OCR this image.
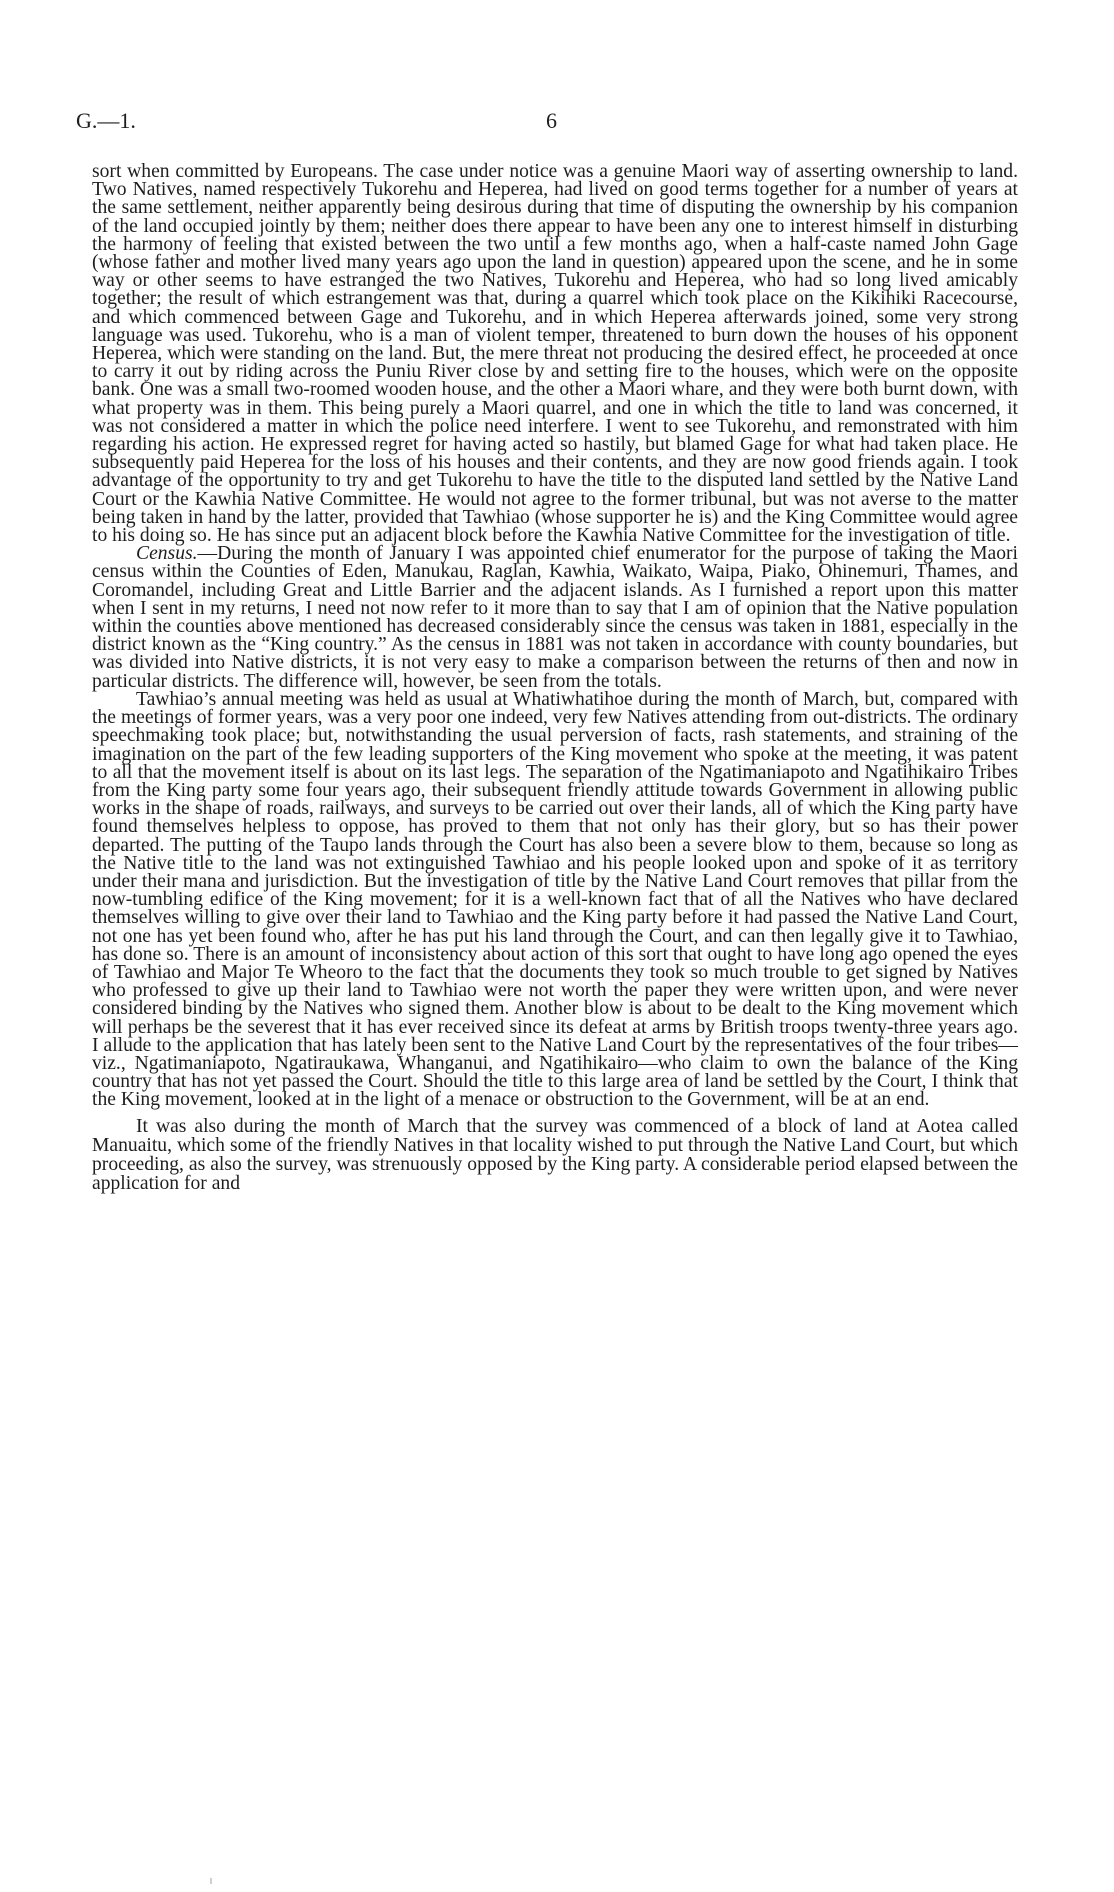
G.—1.	6

sort when committed by Europeans. The case under notice was a genuine Maori way of asserting ownership to land. Two Natives, named respectively Tukorehu and Heperea, had lived on good terms together for a number of years at the same settlement, neither apparently being desirous during that time of disputing the ownership by his companion of the land occupied jointly by them; neither does there appear to have been any one to interest himself in disturbing the harmony of feeling that existed between the two until a few months ago, when a half-caste named John Gage (whose father and mother lived many years ago upon the land in question) appeared upon the scene, and he in some way or other seems to have estranged the two Natives, Tukorehu and Heperea, who had so long lived amicably together; the result of which estrangement was that, during a quarrel which took place on the Kikihiki Racecourse, and which commenced between Gage and Tukorehu, and in which Heperea afterwards joined, some very strong language was used. Tukorehu, who is a man of violent temper, threatened to burn down the houses of his opponent Heperea, which were standing on the land. But, the mere threat not producing the desired effect, he proceeded at once to carry it out by riding across the Puniu River close by and setting fire to the houses, which were on the opposite bank. One was a small two-roomed wooden house, and the other a Maori whare, and they were both burnt down, with what property was in them. This being purely a Maori quarrel, and one in which the title to land was concerned, it was not considered a matter in which the police need interfere. I went to see Tukorehu, and remonstrated with him regarding his action. He expressed regret for having acted so hastily, but blamed Gage for what had taken place. He subsequently paid Heperea for the loss of his houses and their contents, and they are now good friends again. I took advantage of the opportunity to try and get Tukorehu to have the title to the disputed land settled by the Native Land Court or the Kawhia Native Committee. He would not agree to the former tribunal, but was not averse to the matter being taken in hand by the latter, provided that Tawhiao (whose supporter he is) and the King Committee would agree to his doing so. He has since put an adjacent block before the Kawhia Native Committee for the investigation of title.

Census.—During the month of January I was appointed chief enumerator for the purpose of taking the Maori census within the Counties of Eden, Manukau, Raglan, Kawhia, Waikato, Waipa, Piako, Ohinemuri, Thames, and Coromandel, including Great and Little Barrier and the adjacent islands. As I furnished a report upon this matter when I sent in my returns, I need not now refer to it more than to say that I am of opinion that the Native population within the counties above mentioned has decreased considerably since the census was taken in 1881, especially in the district known as the “King country.” As the census in 1881 was not taken in accordance with county boundaries, but was divided into Native districts, it is not very easy to make a comparison between the returns of then and now in particular districts. The difference will, however, be seen from the totals.

Tawhiao’s annual meeting was held as usual at Whatiwhatihoe during the month of March, but, compared with the meetings of former years, was a very poor one indeed, very few Natives attending from out-districts. The ordinary speechmaking took place; but, notwithstanding the usual perversion of facts, rash statements, and straining of the imagination on the part of the few leading supporters of the King movement who spoke at the meeting, it was patent to all that the movement itself is about on its last legs. The separation of the Ngatimaniapoto and Ngatihikairo Tribes from the King party some four years ago, their subsequent friendly attitude towards Government in allowing public works in the shape of roads, railways, and surveys to be carried out over their lands, all of which the King party have found themselves helpless to oppose, has proved to them that not only has their glory, but so has their power departed. The putting of the Taupo lands through the Court has also been a severe blow to them, because so long as the Native title to the land was not extinguished Tawhiao and his people looked upon and spoke of it as territory under their mana and jurisdiction. But the investigation of title by the Native Land Court removes that pillar from the now-tumbling edifice of the King movement; for it is a well-known fact that of all the Natives who have declared themselves willing to give over their land to Tawhiao and the King party before it had passed the Native Land Court, not one has yet been found who, after he has put his land through the Court, and can then legally give it to Tawhiao, has done so. There is an amount of inconsistency about action of this sort that ought to have long ago opened the eyes of Tawhiao and Major Te Wheoro to the fact that the documents they took so much trouble to get signed by Natives who professed to give up their land to Tawhiao were not worth the paper they were written upon, and were never considered binding by the Natives who signed them. Another blow is about to be dealt to the King movement which will perhaps be the severest that it has ever received since its defeat at arms by British troops twenty-three years ago. I allude to the application that has lately been sent to the Native Land Court by the representatives of the four tribes—viz., Ngatimaniapoto, Ngatiraukawa, Whanganui, and Ngatihikairo—who claim to own the balance of the King country that has not yet passed the Court. Should the title to this large area of land be settled by the Court, I think that the King movement, looked at in the light of a menace or obstruction to the Government, will be at an end.

It was also during the month of March that the survey was commenced of a block of land at Aotea called Manuaitu, which some of the friendly Natives in that locality wished to put through the Native Land Court, but which proceeding, as also the survey, was strenuously opposed by the King party. A considerable period elapsed between the application for and
